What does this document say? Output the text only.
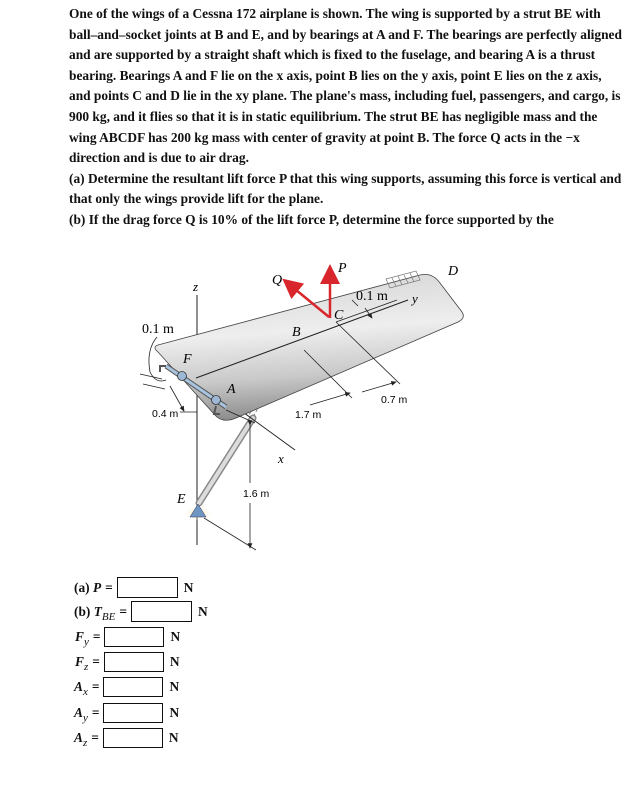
One of the wings of a Cessna 172 airplane is shown. The wing is supported by a strut BE with ball–and–socket joints at B and E, and by bearings at A and F. The bearings are perfectly aligned and are supported by a straight shaft which is fixed to the fuselage, and bearing A is a thrust bearing. Bearings A and F lie on the x axis, point B lies on the y axis, point E lies on the z axis, and points C and D lie in the xy plane. The plane's mass, including fuel, passengers, and cargo, is 900 kg, and it flies so that it is in static equilibrium. The strut BE has negligible mass and the wing ABCDF has 200 kg mass with center of gravity at point B. The force Q acts in the −x direction and is due to air drag.

(a) Determine the resultant lift force P that this wing supports, assuming this force is vertical and that only the wings provide lift for the plane.

(b) If the drag force Q is 10% of the lift force P, determine the force supported by the

z
x
y
Q
P
C
D
B
F
A
E
0.1 m
0.1 m
0.4 m	1.7 m
0.7 m
1.6 m
(a) P =	N
(b) T BE =	N
F y =	N
F z =	N
A x =	N
A y =	N
A z =	N
